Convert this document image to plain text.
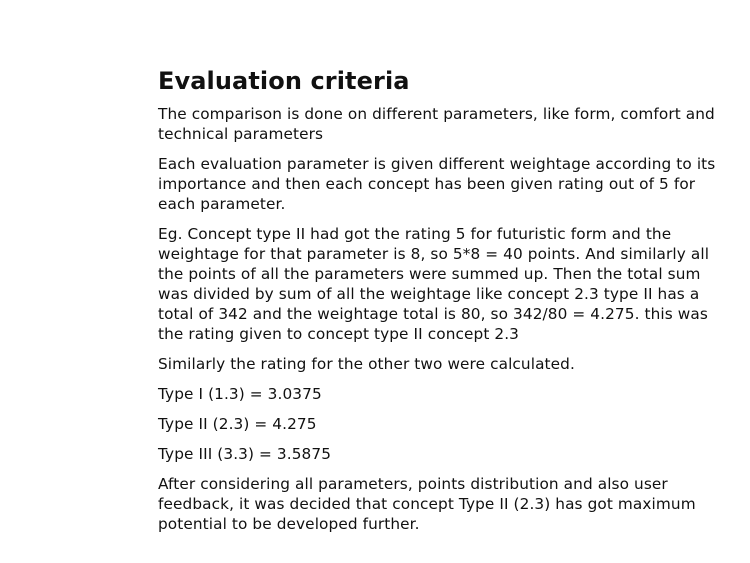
Evaluation criteria
The comparison is done on different parameters, like form, comfort and technical parameters
Each evaluation parameter is given different weightage according to its importance and then each concept has been given rating out of 5 for each parameter.
Eg. Concept type II had got the rating 5 for futuristic form and the weightage for that parameter is 8, so 5*8 = 40 points. And similarly all the points of all the parameters were summed up. Then the total sum was divided by sum of all the weightage like concept 2.3 type II has a total of 342 and the weightage total is 80, so 342/80 = 4.275. this was the rating given to concept type II concept 2.3
Similarly the rating for the other two were calculated.
Type I (1.3) = 3.0375
Type II (2.3) = 4.275
Type III (3.3) = 3.5875
After considering all parameters, points distribution and also user feedback, it was decided that concept Type II (2.3) has got maximum potential to be developed further.
